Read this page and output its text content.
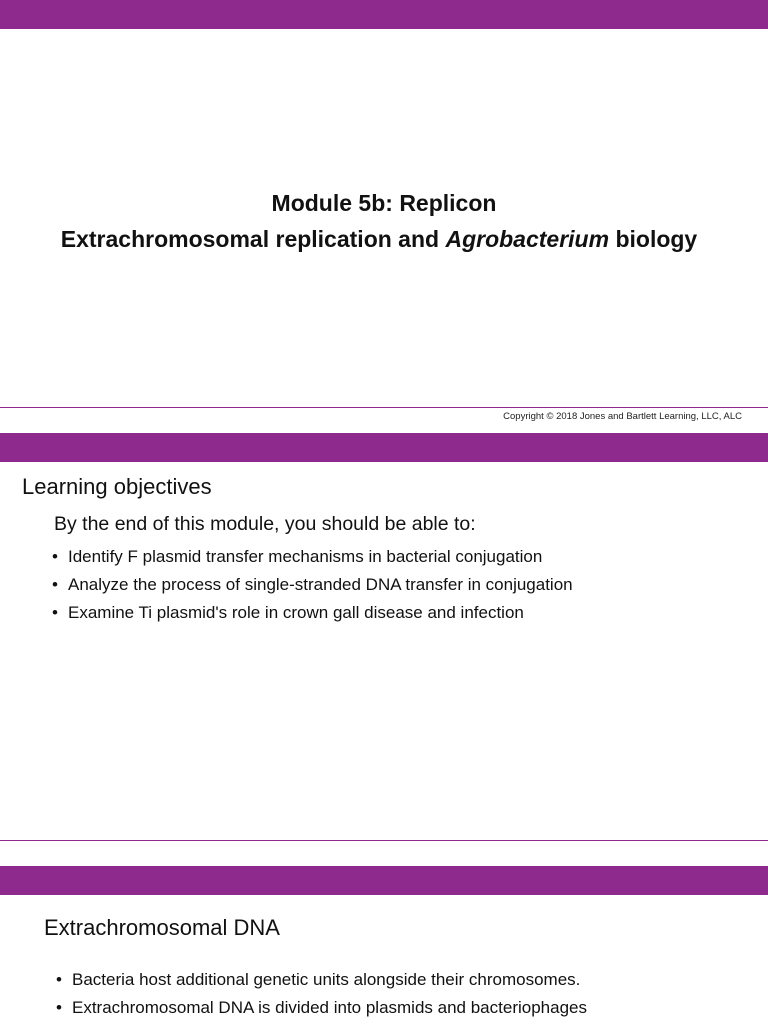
Module 5b: Replicon
Extrachromosomal replication and Agrobacterium biology
Copyright © 2018 Jones and Bartlett Learning, LLC, ALC
Learning objectives
By the end of this module, you should be able to:
• Identify F plasmid transfer mechanisms in bacterial conjugation
• Analyze the process of single-stranded DNA transfer in conjugation
• Examine Ti plasmid's role in crown gall disease and infection
Extrachromosomal DNA
• Bacteria host additional genetic units alongside their chromosomes.
• Extrachromosomal DNA is divided into plasmids and bacteriophages
